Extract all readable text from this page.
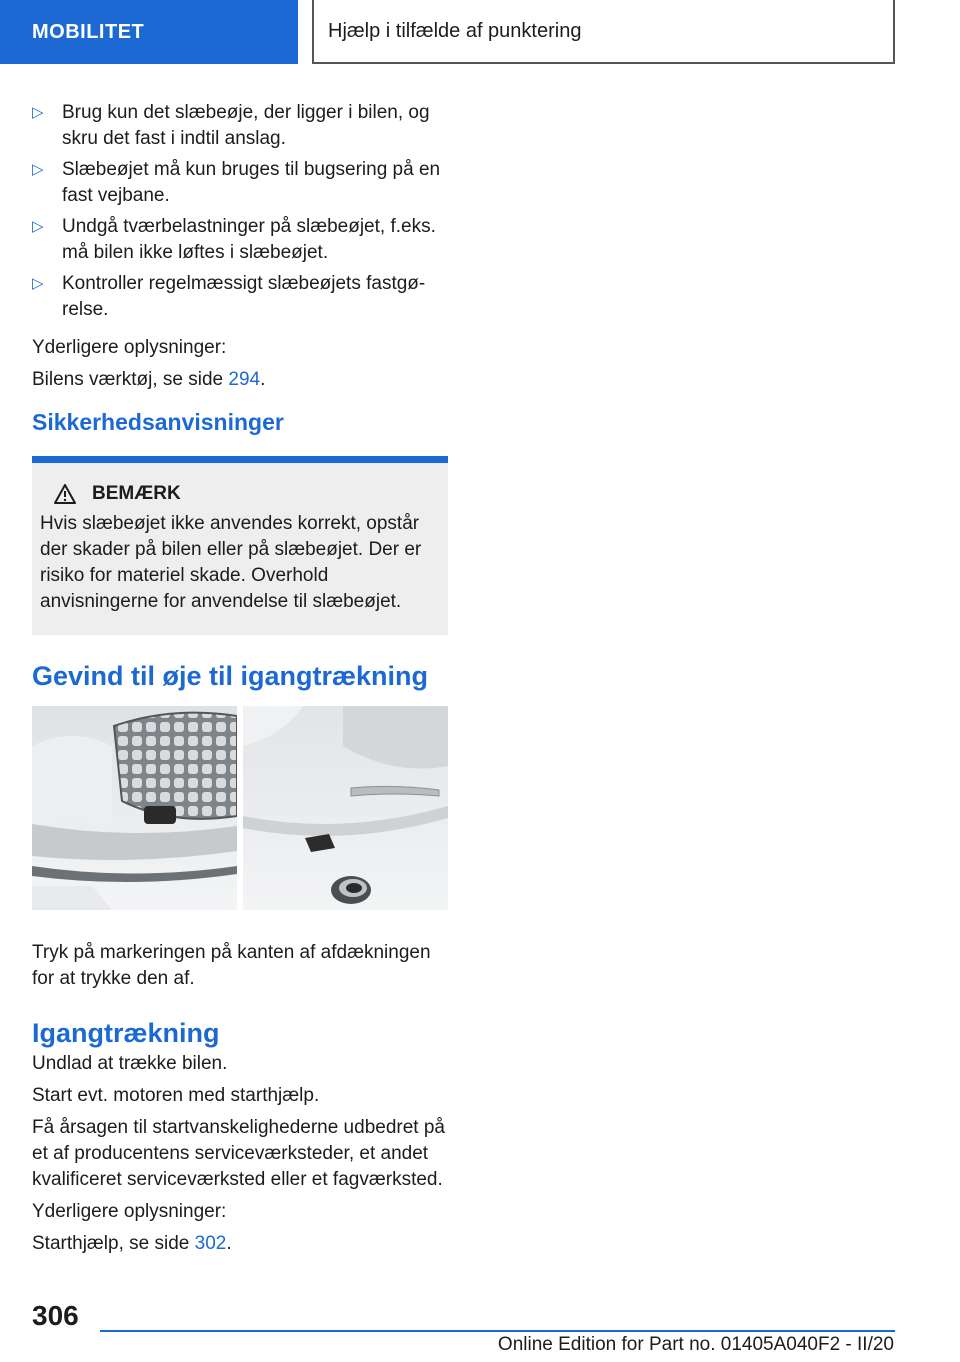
MOBILITET	Hjælp i tilfælde af punktering
▷ Brug kun det slæbeøje, der ligger i bilen, og skru det fast i indtil anslag.
▷ Slæbeøjet må kun bruges til bugsering på en fast vejbane.
▷ Undgå tværbelastninger på slæbeøjet, f.eks. må bilen ikke løftes i slæbeøjet.
▷ Kontroller regelmæssigt slæbeøjets fastgørelse.

Yderligere oplysninger:

Bilens værktøj, se side 294.

Sikkerhedsanvisninger
BEMÆRK
Hvis slæbeøjet ikke anvendes korrekt, opstår der skader på bilen eller på slæbeøjet. Der er risiko for materiel skade. Overhold anvisningerne for anvendelse til slæbeøjet.
Gevind til øje til igangtrækning

Tryk på markeringen på kanten af afdækningen for at trykke den af.

Igangtrækning

Undlad at trække bilen.

Start evt. motoren med starthjælp.

Få årsagen til startvanskelighederne udbedret på et af producentens serviceværksteder, et andet kvalificeret serviceværksted eller et fagværksted.

Yderligere oplysninger:

Starthjælp, se side 302.

306
Online Edition for Part no. 01405A040F2 - II/20
